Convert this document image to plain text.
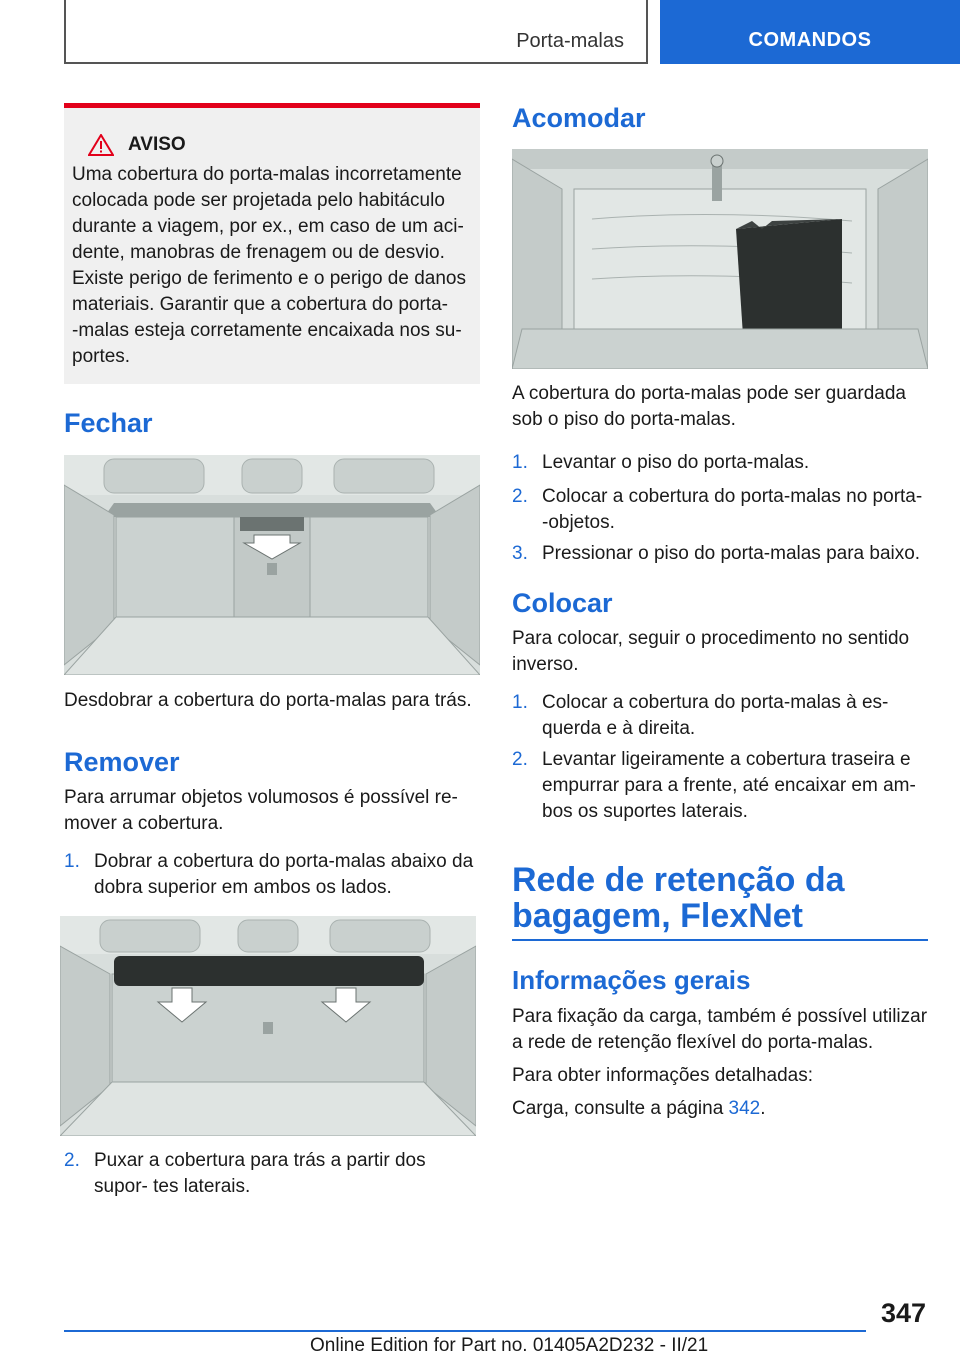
Porta-malas	COMANDOS
AVISO

Uma cobertura do porta-malas incorretamente

colocada pode ser projetada pelo habitáculo

durante a viagem, por ex., em caso de um aci-

dente, manobras de frenagem ou de desvio.

Existe perigo de ferimento e o perigo de danos

materiais. Garantir que a cobertura do porta-

-malas esteja corretamente encaixada nos su-

portes.

Fechar

Desdobrar a cobertura do porta-malas para trás.

Remover

Para arrumar objetos volumosos é possível re-

mover a cobertura.

1. Dobrar a cobertura do porta-malas abaixo da dobra superior em ambos os lados.
2. Puxar a cobertura para trás a partir dos supor- tes laterais.
Acomodar

A cobertura do porta-malas pode ser guardada

sob o piso do porta-malas.

1. Levantar o piso do porta-malas.
2. Colocar a cobertura do porta-malas no porta- -objetos.
3. Pressionar o piso do porta-malas para baixo.
Colocar

Para colocar, seguir o procedimento no sentido

inverso.

1. Colocar a cobertura do porta-malas à es- querda e à direita.
2. Levantar ligeiramente a cobertura traseira e empurrar para a frente, até encaixar em am- bos os suportes laterais.
Rede de retenção da
bagagem, FlexNet
Informações gerais

Para fixação da carga, também é possível utilizar

a rede de retenção flexível do porta-malas.

Para obter informações detalhadas:

Carga, consulte a página 342.

347
Online Edition for Part no. 01405A2D232 - II/21
